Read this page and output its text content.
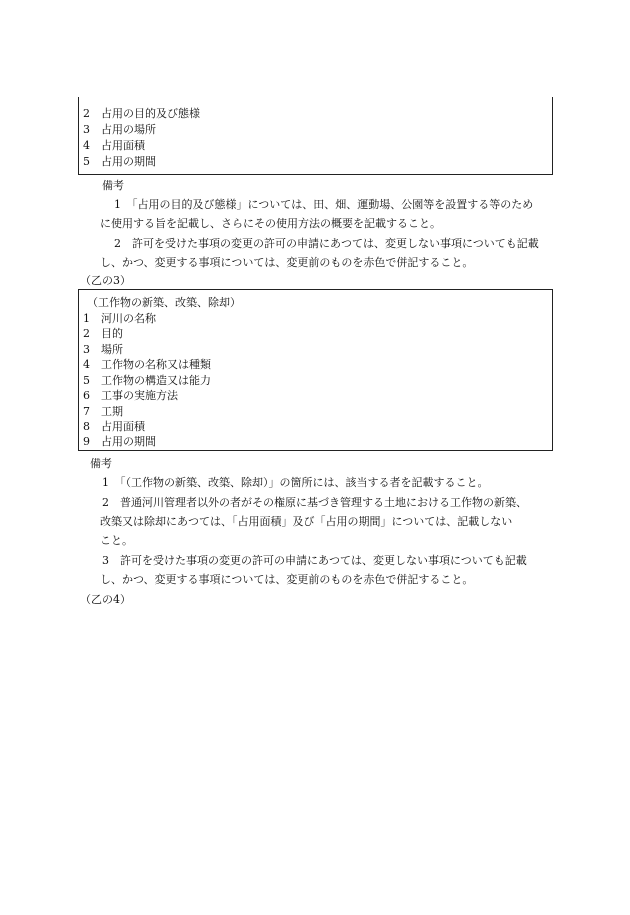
2 占用の目的及び態様
3 占用の場所
4 占用面積
5 占用の期間
備考
1　「占用の目的及び態様」については、田、畑、運動場、公園等を設置する等のため
に使用する旨を記載し、さらにその使用方法の概要を記載すること。
2　許可を受けた事項の変更の許可の申請にあつては、変更しない事項についても記載
し、かつ、変更する事項については、変更前のものを赤色で併記すること。
（乙の3）
（工作物の新築、改築、除却）
1 河川の名称
2 目的
3 場所
4 工作物の名称又は種類
5 工作物の構造又は能力
6 工事の実施方法
7 工期
8 占用面積
9 占用の期間
備考
1　「（工作物の新築、改築、除却）」の箇所には、該当する者を記載すること。
2　普通河川管理者以外の者がその権原に基づき管理する土地における工作物の新築、
改築又は除却にあつては、「占用面積」及び「占用の期間」については、記載しない
こと。
3　許可を受けた事項の変更の許可の申請にあつては、変更しない事項についても記載
し、かつ、変更する事項については、変更前のものを赤色で併記すること。
（乙の4）
